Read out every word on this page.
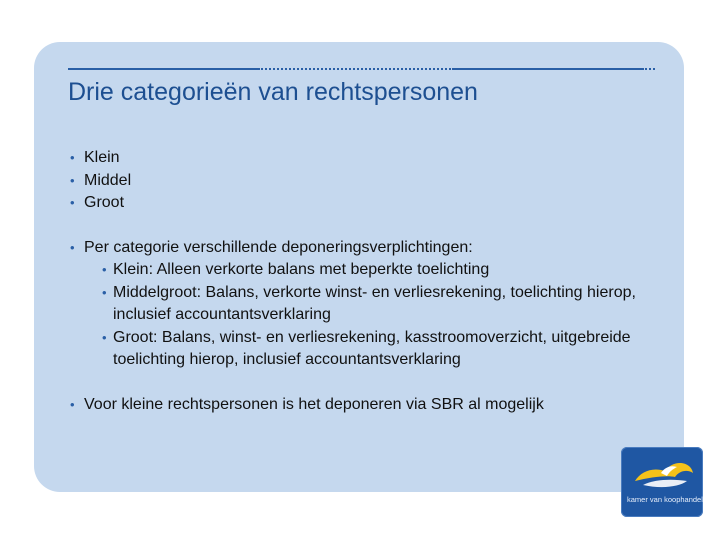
Drie categorieën van rechtspersonen
• Klein
• Middel
• Groot
• Per categorie verschillende deponeringsverplichtingen:
• Klein: Alleen verkorte balans met beperkte toelichting
• Middelgroot: Balans, verkorte winst- en verliesrekening, toelichting hierop, inclusief accountantsverklaring
• Groot: Balans, winst- en verliesrekening, kasstroomoverzicht, uitgebreide toelichting hierop, inclusief accountantsverklaring
• Voor kleine rechtspersonen is het deponeren via SBR al mogelijk
kamer van koophandel
